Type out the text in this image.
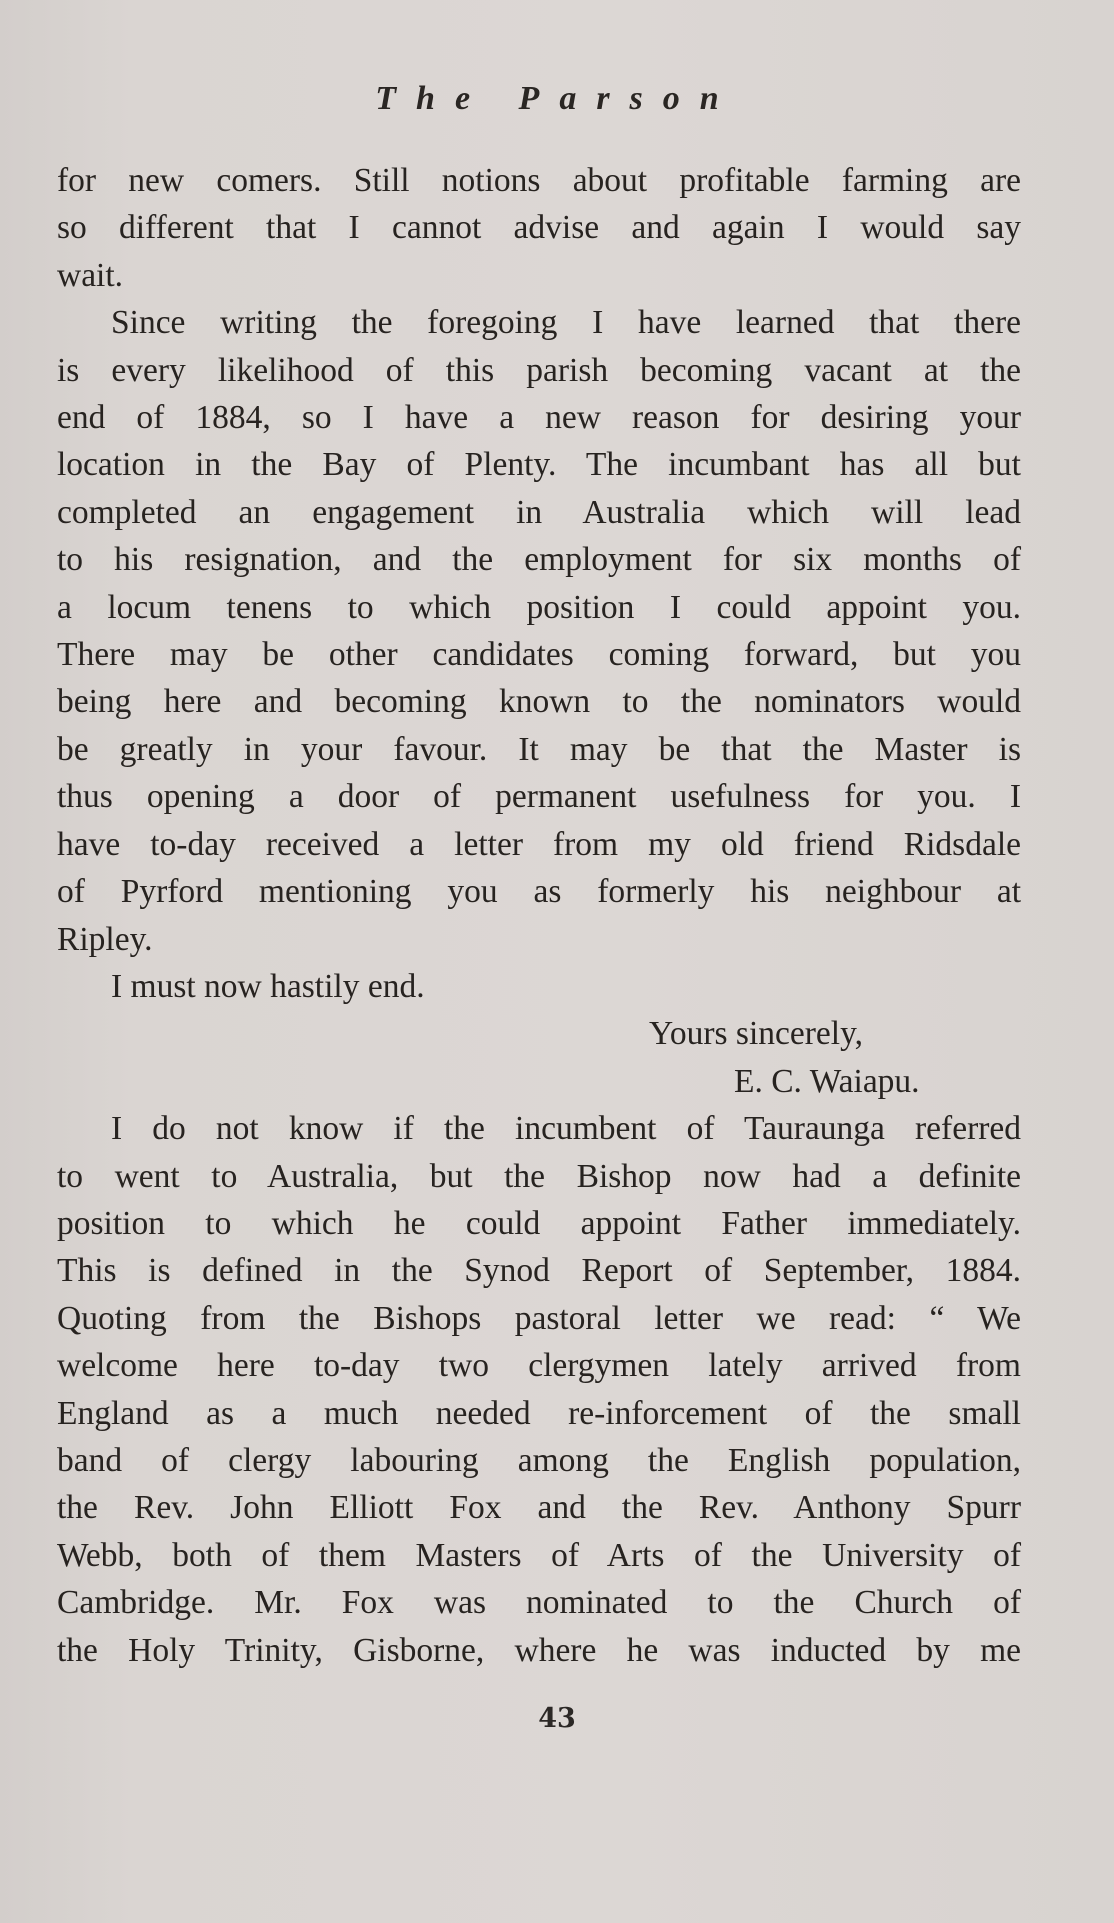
The Parson

for new comers. Still notions about profitable farming are

so different that I cannot advise and again I would say

wait.

Since writing the foregoing I have learned that there

is every likelihood of this parish becoming vacant at the

end of 1884, so I have a new reason for desiring your

location in the Bay of Plenty. The incumbant has all but

completed an engagement in Australia which will lead

to his resignation, and the employment for six months of

a locum tenens to which position I could appoint you.

There may be other candidates coming forward, but you

being here and becoming known to the nominators would

be greatly in your favour. It may be that the Master is

thus opening a door of permanent usefulness for you. I

have to-day received a letter from my old friend Ridsdale

of Pyrford mentioning you as formerly his neighbour at

Ripley.

I must now hastily end.

Yours sincerely,
E. C. Waiapu.

I do not know if the incumbent of Tauraunga referred

to went to Australia, but the Bishop now had a definite

position to which he could appoint Father immediately.

This is defined in the Synod Report of September, 1884.

Quoting from the Bishops pastoral letter we read: “ We

welcome here to-day two clergymen lately arrived from

England as a much needed re-inforcement of the small

band of clergy labouring among the English population,

the Rev. John Elliott Fox and the Rev. Anthony Spurr

Webb, both of them Masters of Arts of the University of

Cambridge. Mr. Fox was nominated to the Church of

the Holy Trinity, Gisborne, where he was inducted by me

43
